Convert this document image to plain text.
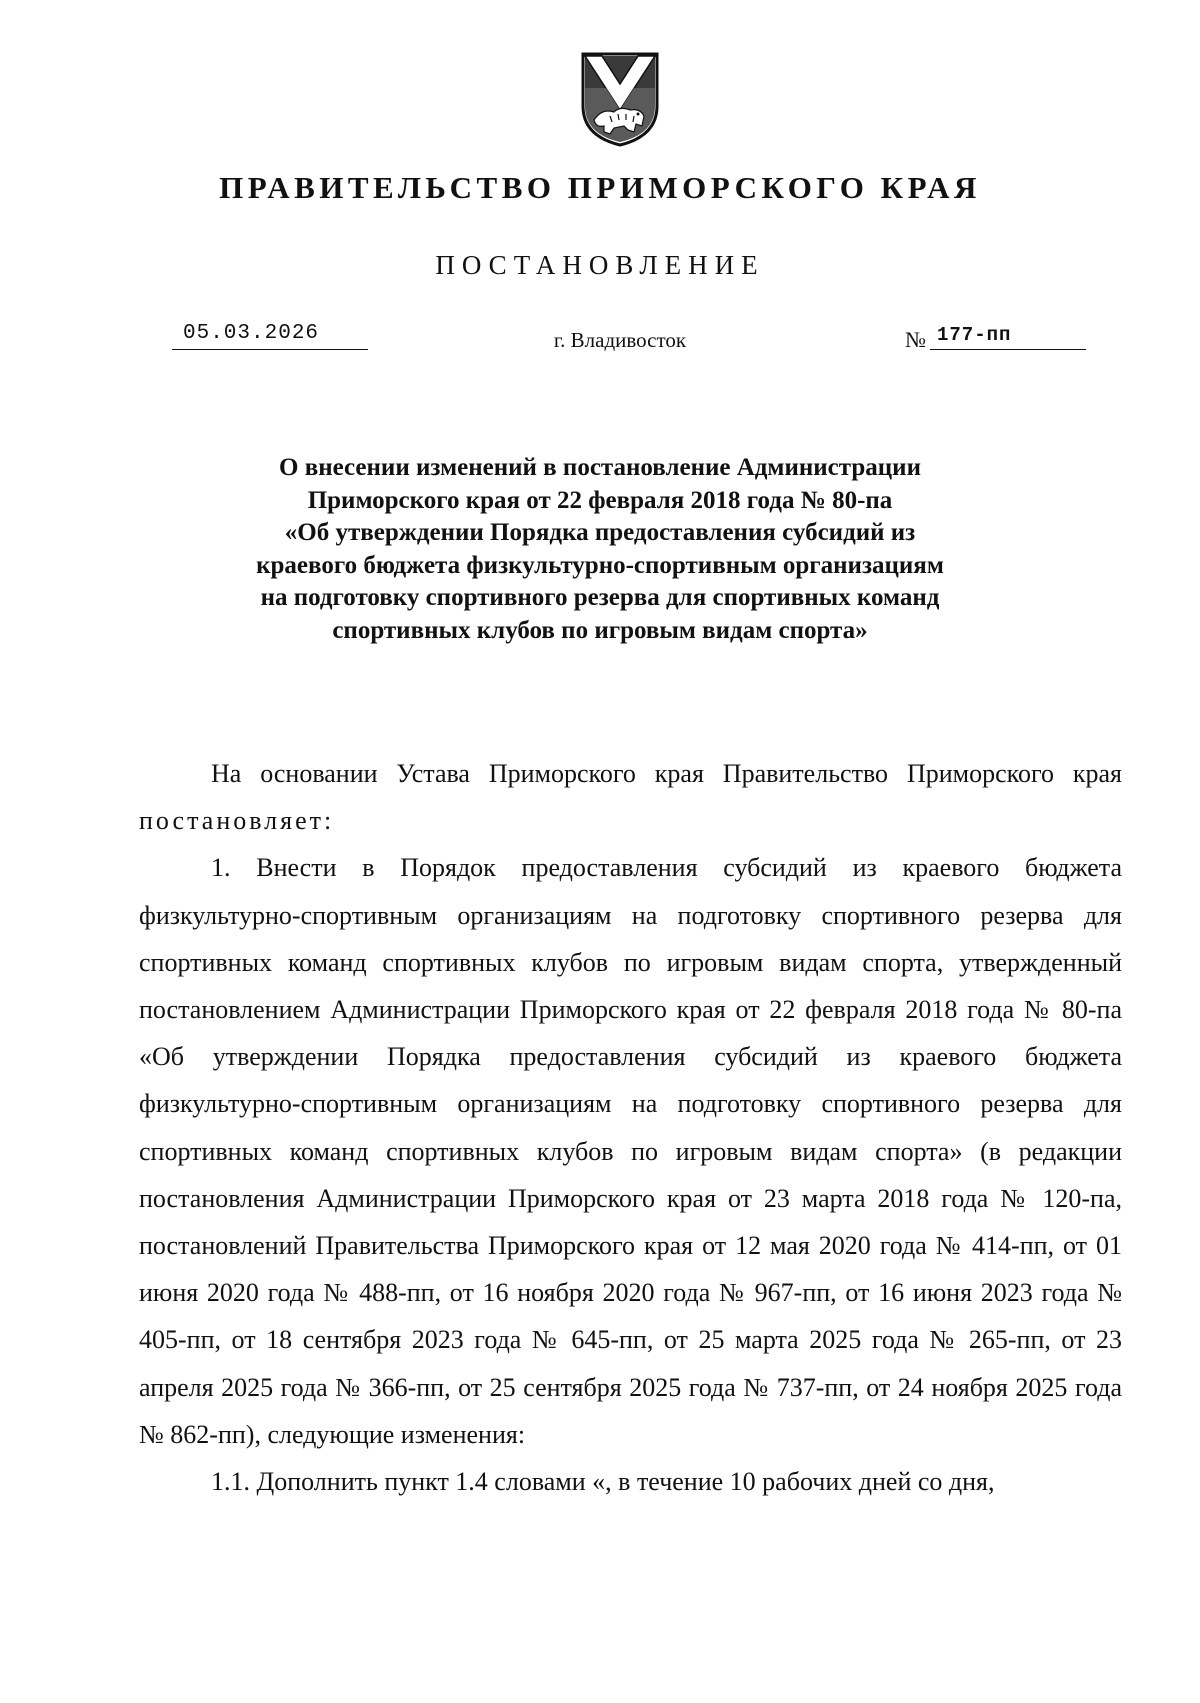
ПРАВИТЕЛЬСТВО ПРИМОРСКОГО КРАЯ
ПОСТАНОВЛЕНИЕ
05.03.2026	г. Владивосток	№ 177-пп
О внесении изменений в постановление Администрации
Приморского края от 22 февраля 2018 года № 80-па
«Об утверждении Порядка предоставления субсидий из
краевого бюджета физкультурно-спортивным организациям
на подготовку спортивного резерва для спортивных команд
спортивных клубов по игровым видам спорта»

На основании Устава Приморского края Правительство Приморского края постановляет:

1. Внести в Порядок предоставления субсидий из краевого бюджета физкультурно-спортивным организациям на подготовку спортивного резерва для спортивных команд спортивных клубов по игровым видам спорта, утвержденный постановлением Администрации Приморского края от 22 февраля 2018 года № 80-па «Об утверждении Порядка предоставления субсидий из краевого бюджета физкультурно-спортивным организациям на подготовку спортивного резерва для спортивных команд спортивных клубов по игровым видам спорта» (в редакции постановления Администрации Приморского края от 23 марта 2018 года № 120-па, постановлений Правительства Приморского края от 12 мая 2020 года № 414-пп, от 01 июня 2020 года № 488-пп, от 16 ноября 2020 года № 967-пп, от 16 июня 2023 года № 405-пп, от 18 сентября 2023 года № 645-пп, от 25 марта 2025 года № 265-пп, от 23 апреля 2025 года № 366-пп, от 25 сентября 2025 года № 737-пп, от 24 ноября 2025 года № 862-пп), следующие изменения:

1.1. Дополнить пункт 1.4 словами «, в течение 10 рабочих дней со дня,
